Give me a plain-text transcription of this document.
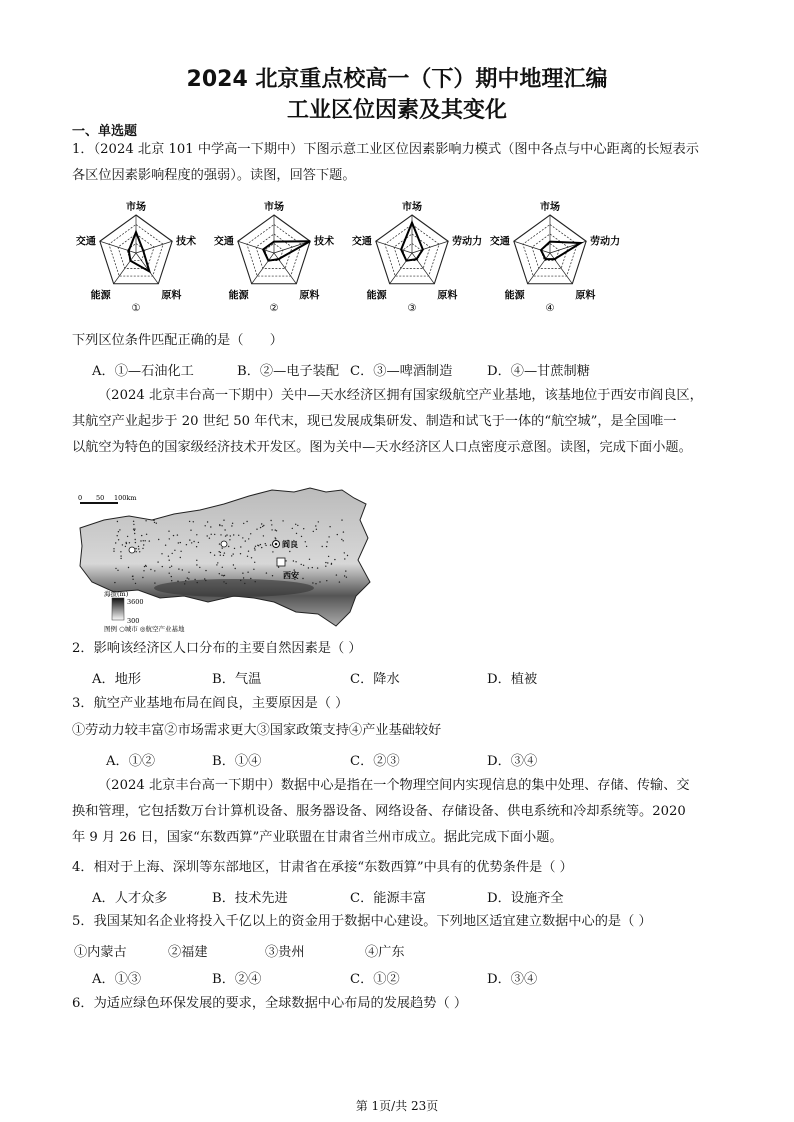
2024 北京重点校高一（下）期中地理汇编
工业区位因素及其变化
一、单选题
1．（2024 北京 101 中学高一下期中）下图示意工业区位因素影响力模式（图中各点与中心距离的长短表示
各区位因素影响程度的强弱）。读图，回答下题。
市场
技术
原料
能源
交通
①
市场
技术
原料
能源
交通
②
市场
劳动力
原料
能源
交通
③
市场
劳动力
原料
能源
交通
④
下列区位条件匹配正确的是（　　）
A．①—石油化工	B．②—电子装配 C．③—啤酒制造	D．④—甘蔗制糖
（2024 北京丰台高一下期中）关中—天水经济区拥有国家级航空产业基地，该基地位于西安市阎良区，
其航空产业起步于 20 世纪 50 年代末，现已发展成集研发、制造和试飞于一体的“航空城”，是全国唯一
以航空为特色的国家级经济技术开发区。图为关中—天水经济区人口点密度示意图。读图，完成下面小题。
0 50 100km
阎良
西安
海拔(m)
3600
300
图例 ○城市 ◎航空产业基地
2．影响该经济区人口分布的主要自然因素是（ ）
A．地形	B．气温	C．降水	D．植被
3．航空产业基地布局在阎良，主要原因是（ ）
①劳动力较丰富②市场需求更大③国家政策支持④产业基础较好
A．①②	B．①④	C．②③	D．③④
（2024 北京丰台高一下期中）数据中心是指在一个物理空间内实现信息的集中处理、存储、传输、交
换和管理，它包括数万台计算机设备、服务器设备、网络设备、存储设备、供电系统和冷却系统等。2020
年 9 月 26 日，国家“东数西算”产业联盟在甘肃省兰州市成立。据此完成下面小题。
4．相对于上海、深圳等东部地区，甘肃省在承接“东数西算”中具有的优势条件是（ ）
A．人才众多	B．技术先进	C．能源丰富	D．设施齐全
5．我国某知名企业将投入千亿以上的资金用于数据中心建设。下列地区适宜建立数据中心的是（ ）
①内蒙古	②福建	③贵州	④广东
A．①③	B．②④	C．①②	D．③④
6．为适应绿色环保发展的要求，全球数据中心布局的发展趋势（ ）
第 1页/共 23页
